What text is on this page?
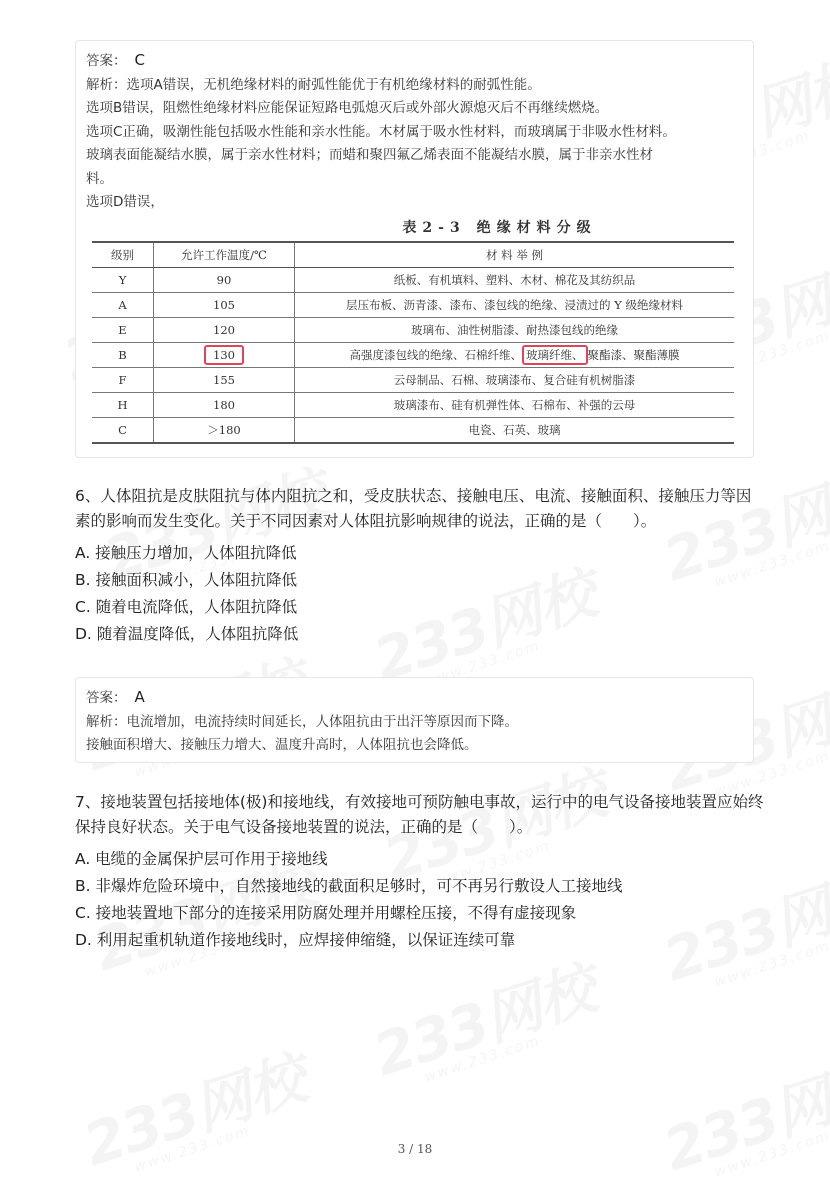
答案： C
解析：选项A错误，无机绝缘材料的耐弧性能优于有机绝缘材料的耐弧性能。
选项B错误，阻燃性绝缘材料应能保证短路电弧熄灭后或外部火源熄灭后不再继续燃烧。
选项C正确，吸潮性能包括吸水性能和亲水性能。木材属于吸水性材料，而玻璃属于非吸水性材料。
玻璃表面能凝结水膜，属于亲水性材料；而蜡和聚四氟乙烯表面不能凝结水膜，属于非亲水性材
料。
选项D错误，
表2-3 绝缘材料分级
级别	允许工作温度/℃	材 料 举 例
Y	90	纸板、有机填料、塑料、木材、棉花及其纺织品
A	105	层压布板、沥青漆、漆布、漆包线的绝缘、浸渍过的 Y 级绝缘材料
E	120	玻璃布、油性树脂漆、耐热漆包线的绝缘
B	130	高强度漆包线的绝缘、石棉纤维、 玻璃纤维、 聚酯漆、聚酯薄膜
F	155	云母制品、石棉、玻璃漆布、复合硅有机树脂漆
H	180	玻璃漆布、硅有机弹性体、石棉布、补强的云母
C	＞180	电瓷、石英、玻璃

6、人体阻抗是皮肤阻抗与体内阻抗之和，受皮肤状态、接触电压、电流、接触面积、接触压力等因素的影响而发生变化。关于不同因素对人体阻抗影响规律的说法，正确的是（　　）。

A. 接触压力增加，人体阻抗降低
B. 接触面积减小，人体阻抗降低
C. 随着电流降低，人体阻抗降低
D. 随着温度降低，人体阻抗降低
答案： A
解析：电流增加，电流持续时间延长，人体阻抗由于出汗等原因而下降。
接触面积增大、接触压力增大、温度升高时，人体阻抗也会降低。

7、接地装置包括接地体(极)和接地线，有效接地可预防触电事故，运行中的电气设备接地装置应始终保持良好状态。关于电气设备接地装置的说法，正确的是（　　）。

A. 电缆的金属保护层可作用于接地线
B. 非爆炸危险环境中，自然接地线的截面积足够时，可不再另行敷设人工接地线
C. 接地装置地下部分的连接采用防腐处理并用螺栓压接，不得有虚接现象
D. 利用起重机轨道作接地线时，应焊接伸缩缝，以保证连续可靠
3 / 18
